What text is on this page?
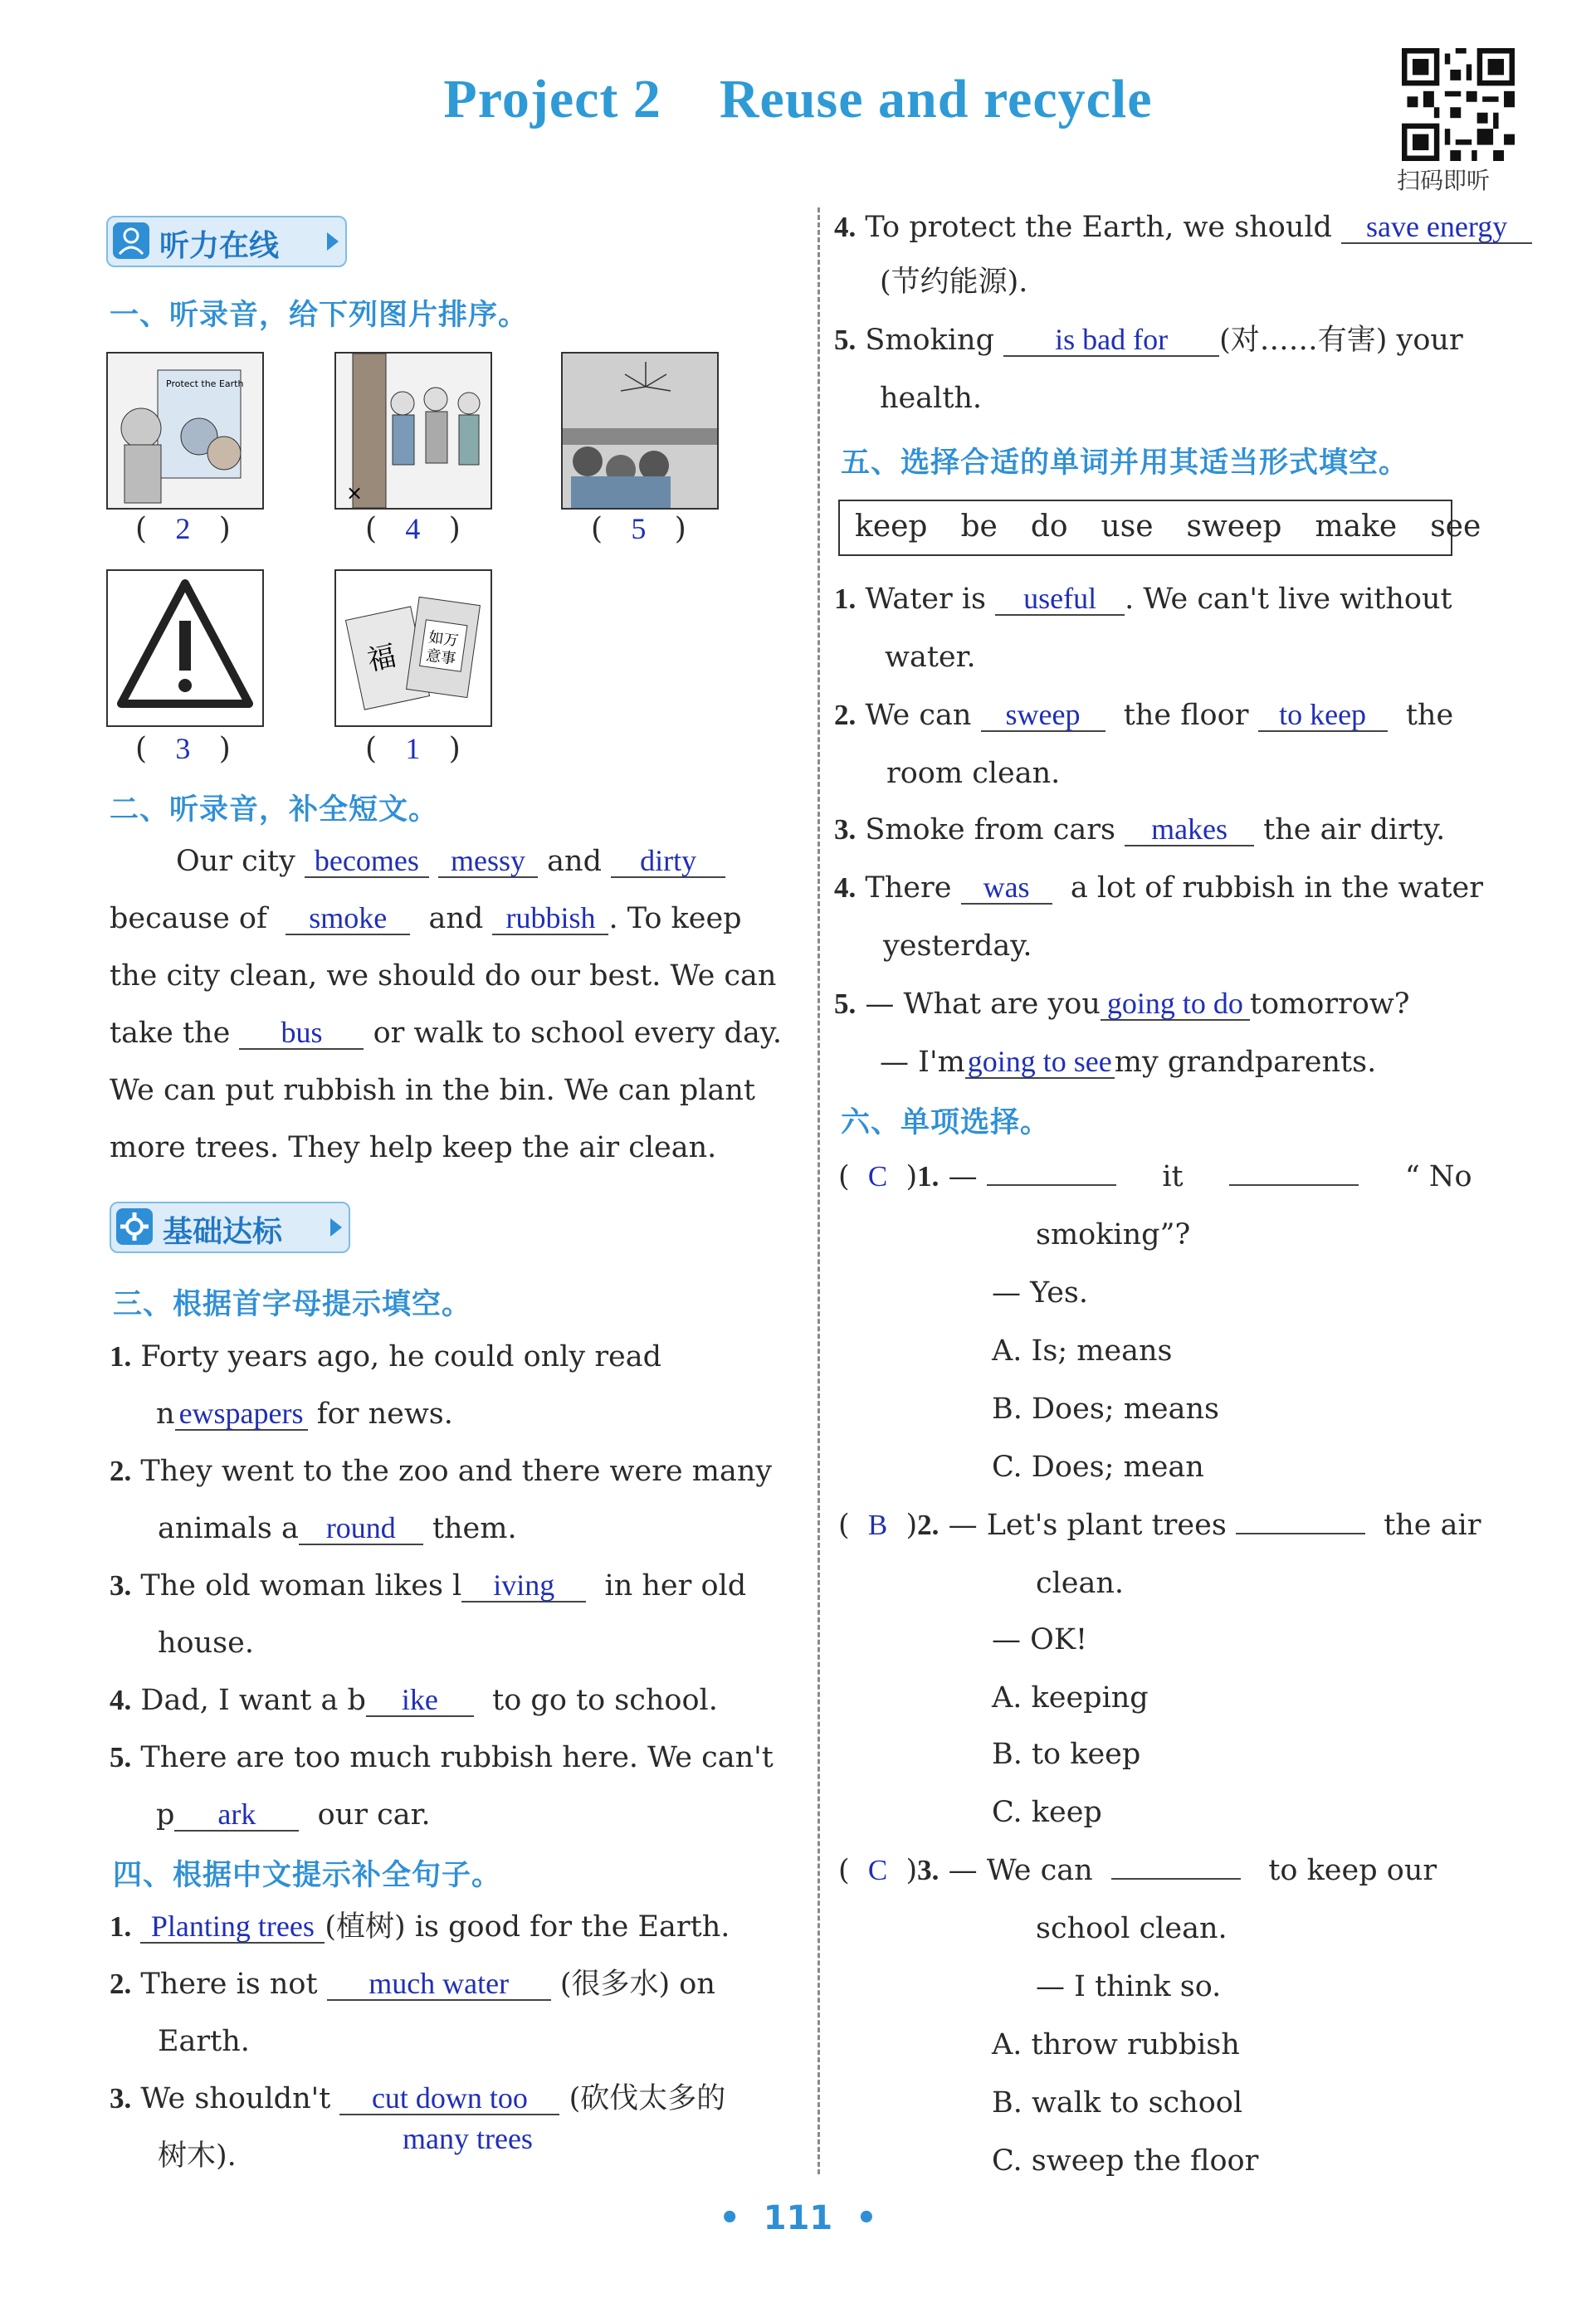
Project 2 Reuse and recycle
扫码即听
听力在线
一、听录音，给下列图片排序。
Protect the Earth
×
(   2   )	(   4   )	(   5   )
福 如万
意事
(   3   )	(   1   )
二、听录音，补全短文。
Our city becomes messy and dirty
because of smoke and rubbish . To keep
the city clean, we should do our best. We can
take the bus or walk to school every day.
We can put rubbish in the bin. We can plant
more trees. They help keep the air clean.
基础达标
三、根据首字母提示填空。
1. Forty years ago, he could only read
n ewspapers for news.
2. They went to the zoo and there were many
animals a round them.
3. The old woman likes l iving in her old
house.
4. Dad, I want a b ike to go to school.
5. There are too much rubbish here. We can't
p ark our car.
四、根据中文提示补全句子。
1. Planting trees (植树) is good for the Earth.
2. There is not much water (很多水) on
Earth.
3. We shouldn't cut down too (砍伐太多的
many trees
树木).
4. To protect the Earth, we should save energy
(节约能源).
5. Smoking is bad for (对……有害) your
health.
五、选择合适的单词并用其适当形式填空。
keep be do use sweep make see
1. Water is useful . We can't live without
water.
2. We can sweep the floor to keep the
room clean.
3. Smoke from cars makes the air dirty.
4. There was a lot of rubbish in the water
yesterday.
5. — What are you going to do tomorrow?
— I'mgoing to seemy grandparents.
六、单项选择。
(  C  )1. —	it	“ No
smoking”?
— Yes.
A. Is; means
B. Does; means
C. Does; mean
(  B  )2. — Let's plant trees	the air
clean.
— OK!
A. keeping
B. to keep
C. keep
(  C  )3. — We can	to keep our
school clean.
— I think so.
A. throw rubbish
B. walk to school
C. sweep the floor
•  111  •
